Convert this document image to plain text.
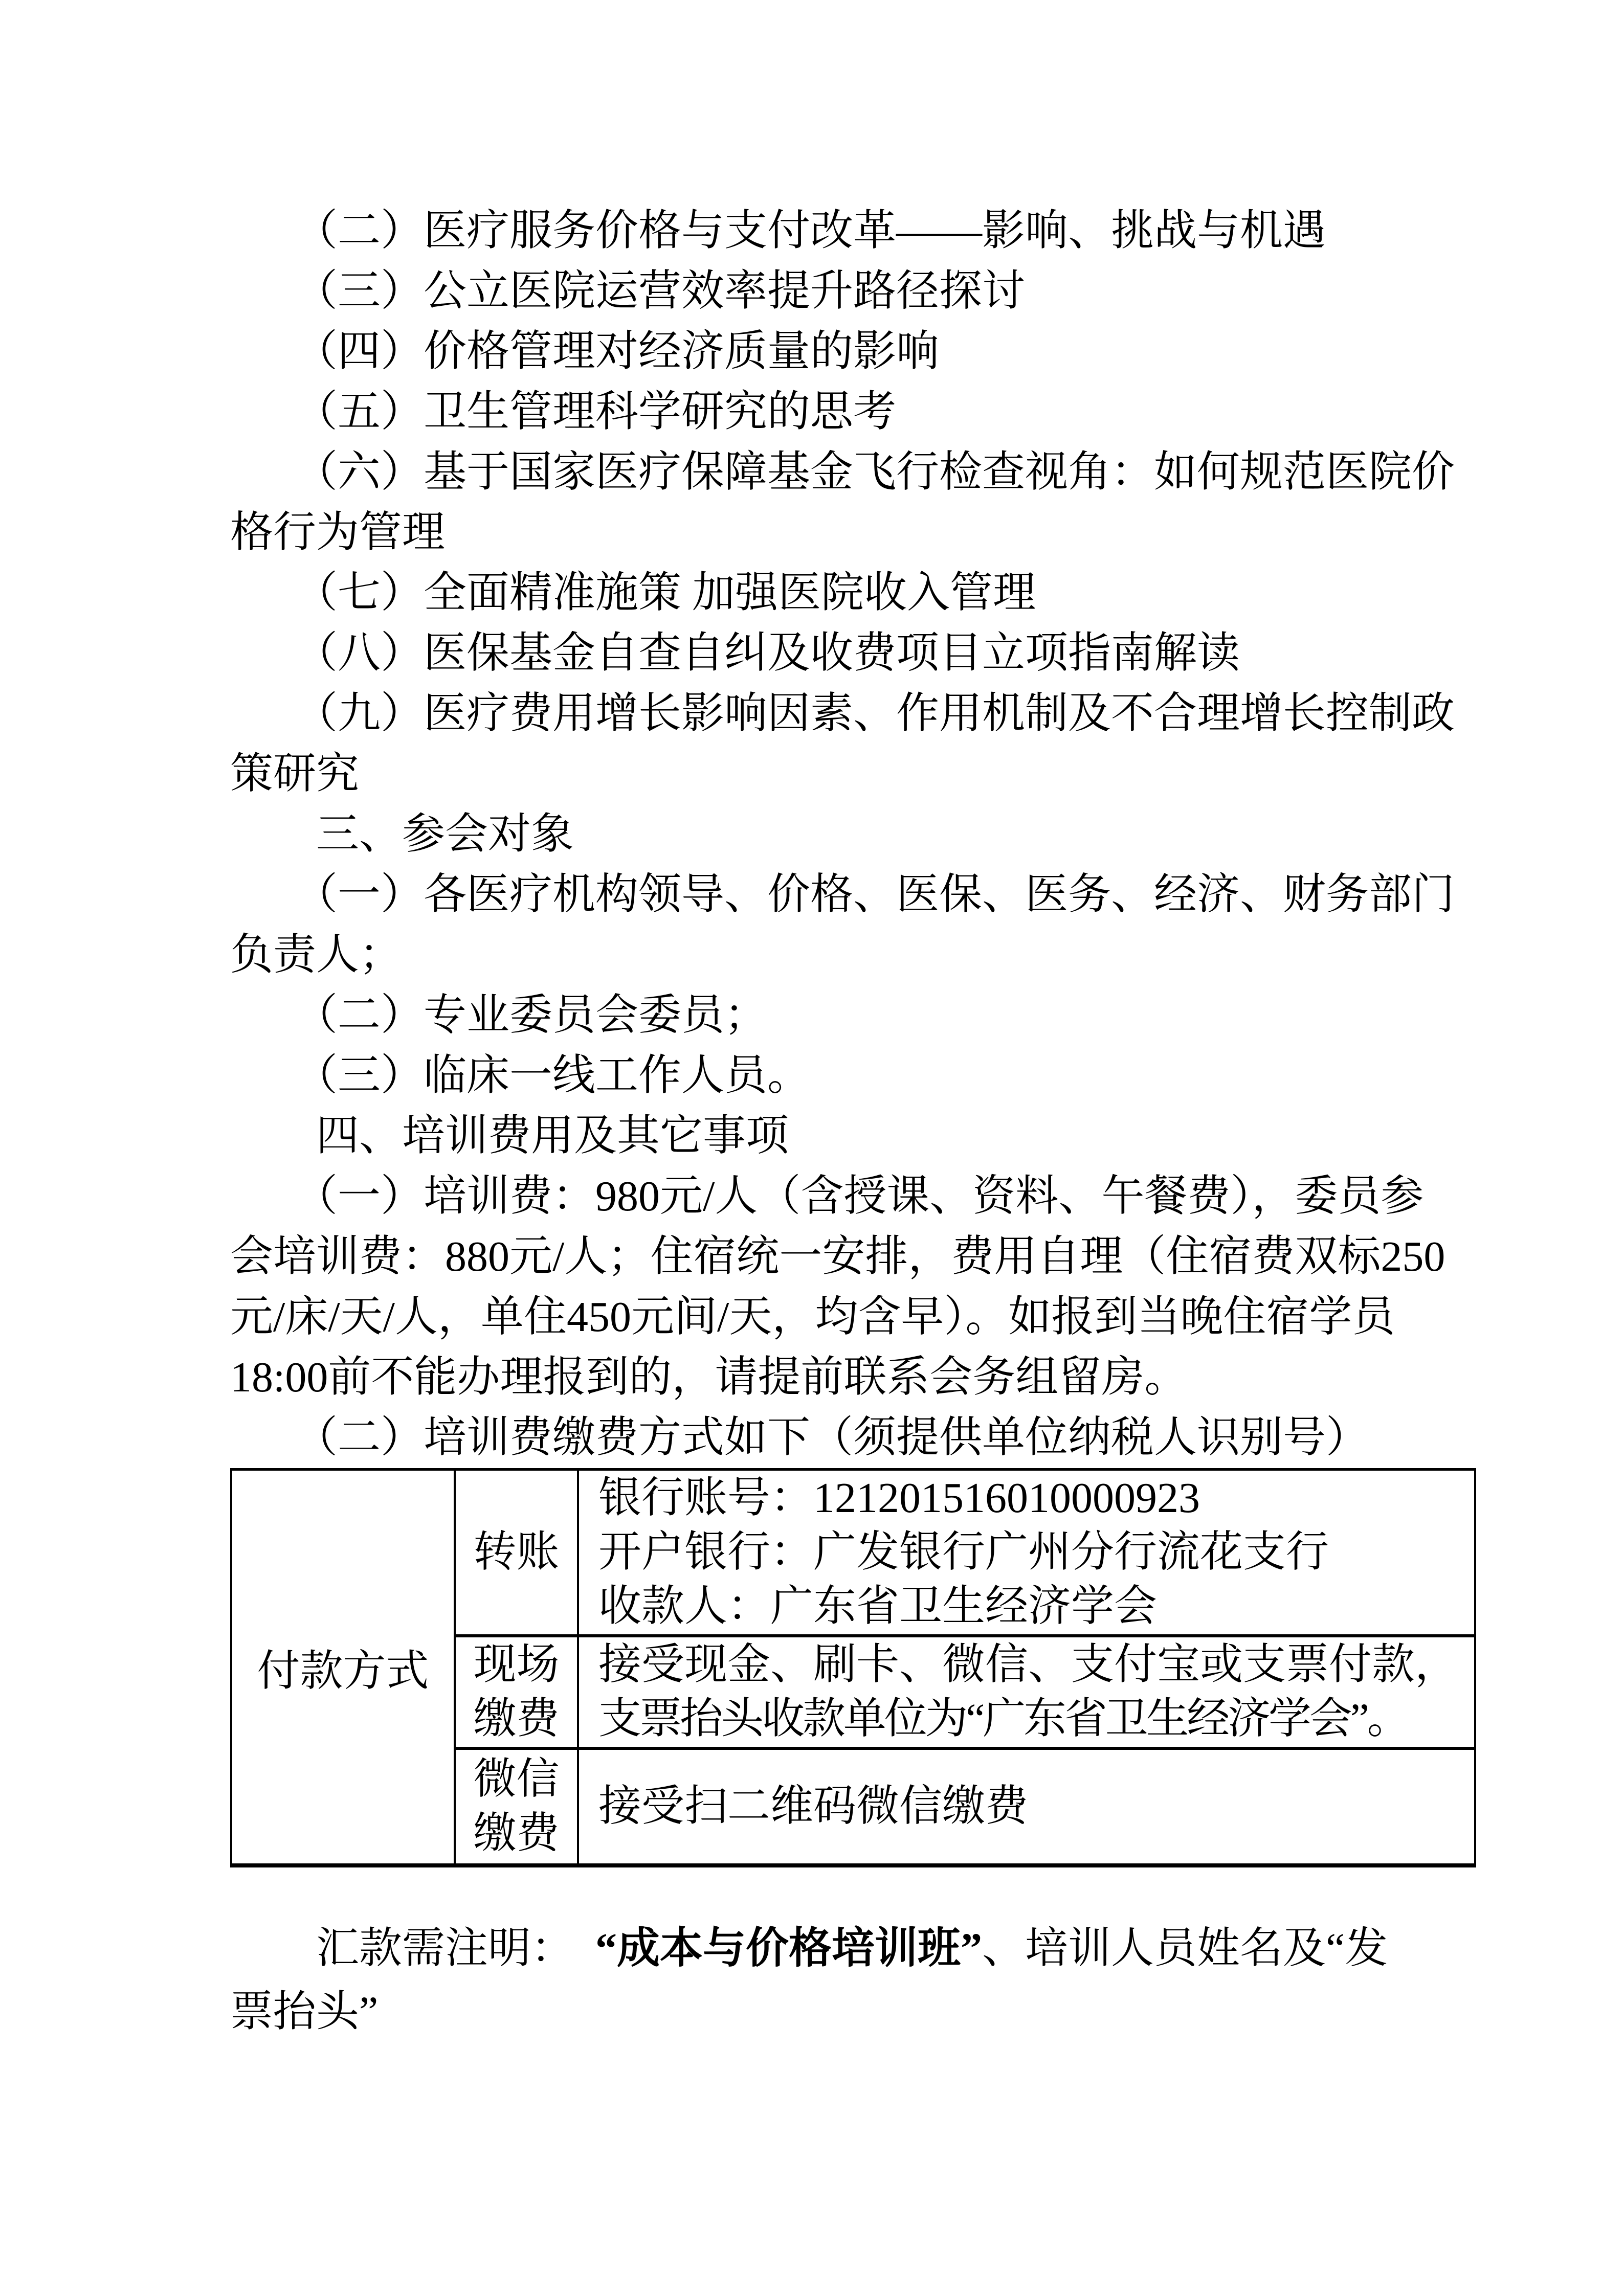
　　（二）医疗服务价格与支付改革——影响、挑战与机遇
　　（三）公立医院运营效率提升路径探讨
　　（四）价格管理对经济质量的影响
　　（五）卫生管理科学研究的思考
　　（六）基于国家医疗保障基金飞行检查视角：如何规范医院价
格行为管理
　　（七）全面精准施策 加强医院收入管理
　　（八）医保基金自查自纠及收费项目立项指南解读
　　（九）医疗费用增长影响因素、作用机制及不合理增长控制政
策研究
　　三、参会对象
　　（一）各医疗机构领导、价格、医保、医务、经济、财务部门
负责人；
　　（二）专业委员会委员；
　　（三）临床一线工作人员。
　　四、培训费用及其它事项
　　（一）培训费：980元/人（含授课、资料、午餐费），委员参
会培训费：880元/人；住宿统一安排，费用自理（住宿费双标250
元/床/天/人，单住450元间/天，均含早）。如报到当晚住宿学员
18:00前不能办理报到的，请提前联系会务组留房。
　　（二）培训费缴费方式如下（须提供单位纳税人识别号）
付款方式
转账
银行账号：121201516010000923
开户银行：广发银行广州分行流花支行
收款人：广东省卫生经济学会
现场
缴费
接受现金、刷卡、微信、支付宝或支票付款，
支票抬头收款单位为“广东省卫生经济学会”。
微信
缴费
接受扫二维码微信缴费
　　汇款需注明：　“成本与价格培训班”、培训人员姓名及“发
票抬头”
